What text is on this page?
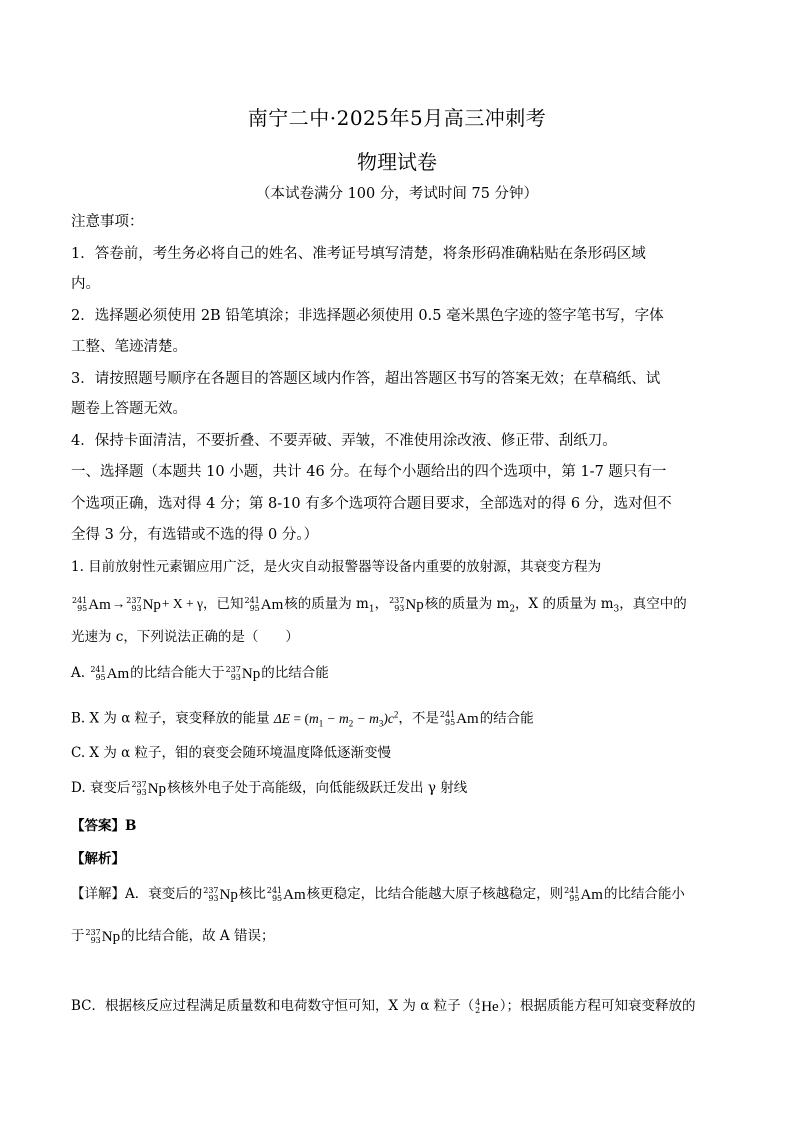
南宁二中·2025年5月高三冲刺考
物理试卷
（本试卷满分 100 分，考试时间 75 分钟）
注意事项：
1．答卷前，考生务必将自己的姓名、准考证号填写清楚，将条形码准确粘贴在条形码区域
内。
2．选择题必须使用 2B 铅笔填涂；非选择题必须使用 0.5 毫米黑色字迹的签字笔书写，字体
工整、笔迹清楚。
3．请按照题号顺序在各题目的答题区域内作答，超出答题区书写的答案无效；在草稿纸、试
题卷上答题无效。
4．保持卡面清洁，不要折叠、不要弄破、弄皱，不准使用涂改液、修正带、刮纸刀。
一、选择题（本题共 10 小题，共计 46 分。在每个小题给出的四个选项中，第 1-7 题只有一
个选项正确，选对得 4 分；第 8-10 有多个选项符合题目要求，全部选对的得 6 分，选对但不
全得 3 分，有选错或不选的得 0 分。）
1. 目前放射性元素镅应用广泛，是火灾自动报警器等设备内重要的放射源，其衰变方程为
241
95 Am→ 237
93 Np+ X + γ，已知 241
95 Am核的质量为 $m_1$， 237
93 Np核的质量为 $m_2$，X 的质量为 $m_3$，真空中的
光速为 c，下列说法正确的是（　　）
A. 241
95 Am的比结合能大于 237
93 Np的比结合能
B. X 为 α 粒子，衰变释放的能量 $\Delta E = (m_1 - m_2 - m_3)c^2$，不是 241
95 Am的结合能
C. X 为 α 粒子，钼的衰变会随环境温度降低逐渐变慢
D. 衰变后 237
93 Np核核外电子处于高能级，向低能级跃迁发出 γ 射线
【答案】B
【解析】
【详解】A．衰变后的 237
93 Np核比 241
95 Am核更稳定，比结合能越大原子核越稳定，则 241
95 Am的比结合能小
于 237
93 Np的比结合能，故 A 错误；
BC．根据核反应过程满足质量数和电荷数守恒可知，X 为 α 粒子（ 4
2 He）；根据质能方程可知衰变释放的
